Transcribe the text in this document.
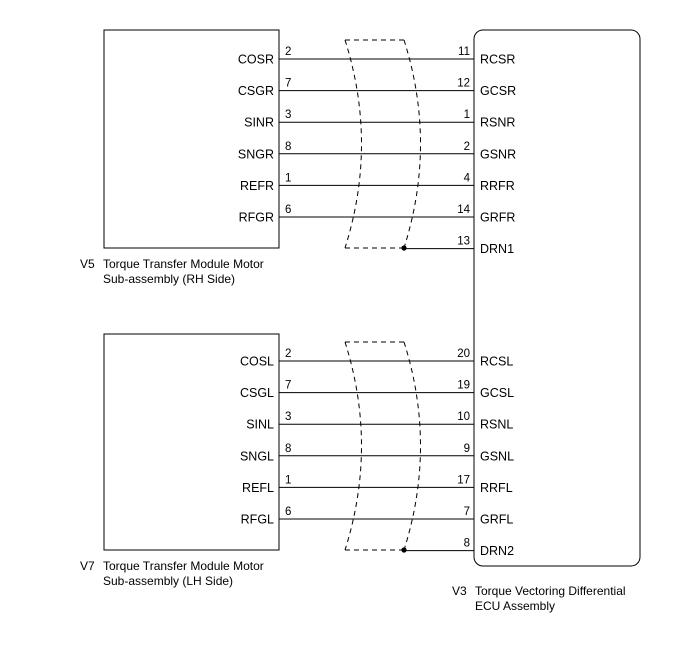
COSR
2	11
RCSR
CSGR
7	12
GCSR
SINR
3	1
RSNR
SNGR
8	2
GSNR
REFR
1	4
RRFR
RFGR
6	14
GRFR
13
DRN1
COSL
2	20
RCSL
CSGL
7	19
GCSL
SINL
3	10
RSNL
SNGL
8	9
GSNL
REFL
1	17
RRFL
RFGL
6	7
GRFL
8
DRN2
V5 Torque Transfer Module Motor
Sub-assembly (RH Side)
V7 Torque Transfer Module Motor
Sub-assembly (LH Side)
V3 Torque Vectoring Differential
ECU Assembly
